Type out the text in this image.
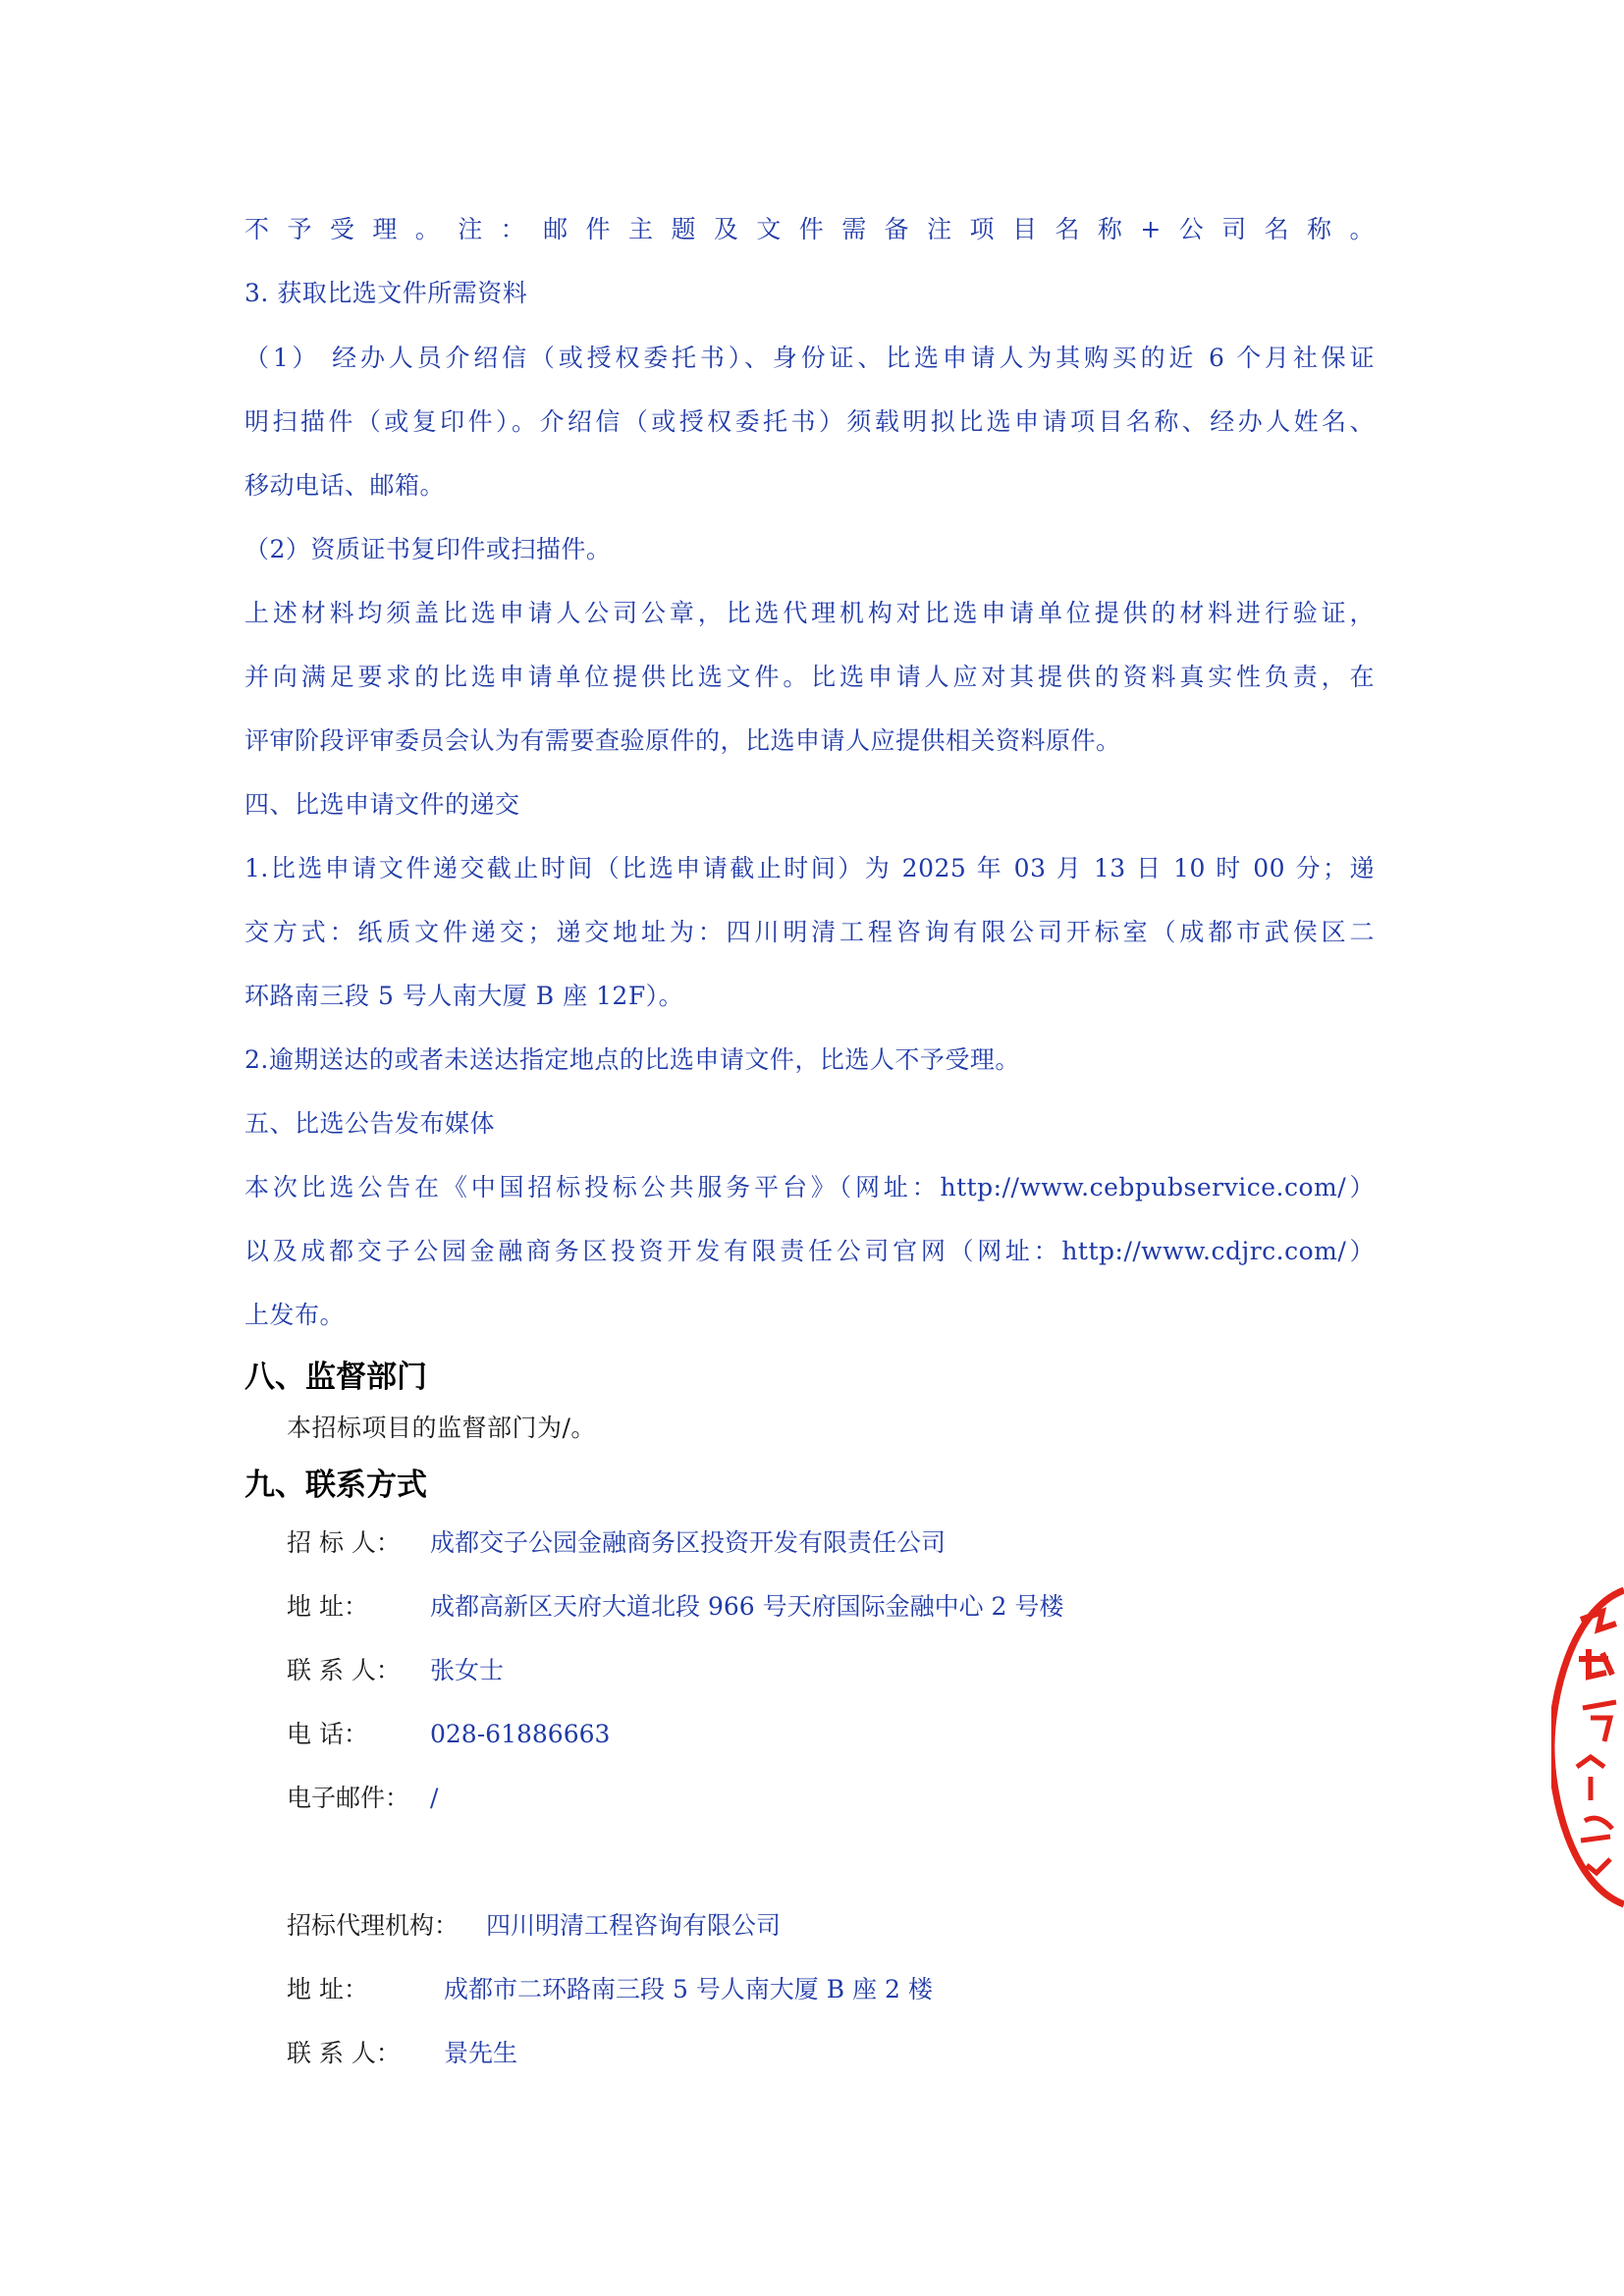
不予受理。注：邮件主题及文件需备注项目名称+公司名称。
3. 获取比选文件所需资料
（1） 经办人员介绍信（或授权委托书）、身份证、比选申请人为其购买的近 6 个月社保证
明扫描件（或复印件）。介绍信（或授权委托书）须载明拟比选申请项目名称、经办人姓名、
移动电话、邮箱。
（2）资质证书复印件或扫描件。
上述材料均须盖比选申请人公司公章，比选代理机构对比选申请单位提供的材料进行验证，
并向满足要求的比选申请单位提供比选文件。比选申请人应对其提供的资料真实性负责，在
评审阶段评审委员会认为有需要查验原件的，比选申请人应提供相关资料原件。
四、比选申请文件的递交
1.比选申请文件递交截止时间（比选申请截止时间）为 2025 年 03 月 13 日 10 时 00 分；递
交方式：纸质文件递交；递交地址为：四川明清工程咨询有限公司开标室（成都市武侯区二
环路南三段 5 号人南大厦 B 座 12F）。
2.逾期送达的或者未送达指定地点的比选申请文件，比选人不予受理。
五、比选公告发布媒体
本次比选公告在《中国招标投标公共服务平台》（网址：http://www.cebpubservice.com/）
以及成都交子公园金融商务区投资开发有限责任公司官网（网址：http://www.cdjrc.com/）
上发布。
八、监督部门
本招标项目的监督部门为/。
九、联系方式
招 标 人： 成都交子公园金融商务区投资开发有限责任公司
地 址：	成都高新区天府大道北段 966 号天府国际金融中心 2 号楼
联 系 人： 张女士
电 话：	028-61886663
电子邮件： /
招标代理机构： 四川明清工程咨询有限公司
地 址：	成都市二环路南三段 5 号人南大厦 B 座 2 楼
联 系 人： 景先生
